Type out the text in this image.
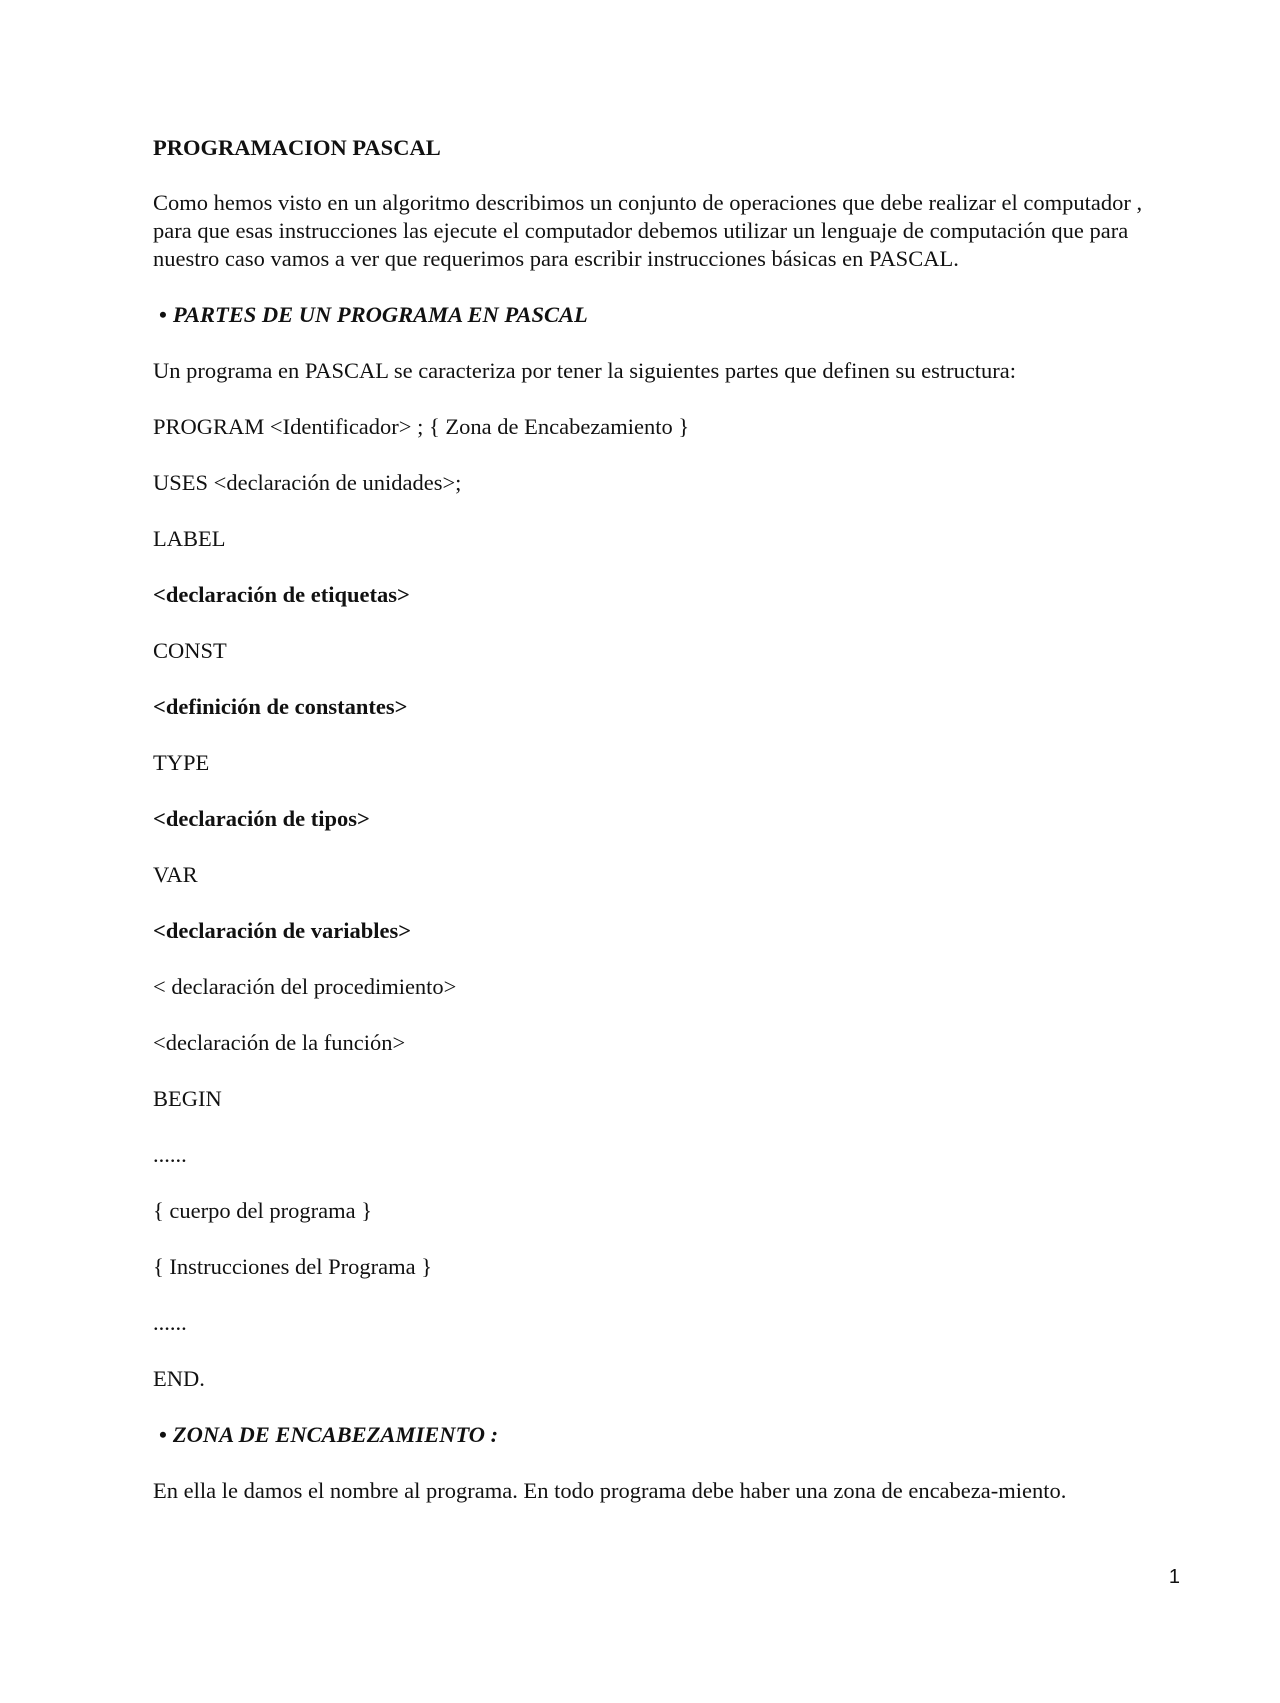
PROGRAMACION PASCAL
Como hemos visto en un algoritmo describimos un conjunto de operaciones que debe realizar el computador ,
para que esas instrucciones las ejecute el computador debemos utilizar un lenguaje de computación que para
nuestro caso vamos a ver que requerimos para escribir instrucciones básicas en PASCAL.
• PARTES DE UN PROGRAMA EN PASCAL
Un programa en PASCAL se caracteriza por tener la siguientes partes que definen su estructura:
PROGRAM <Identificador> ; { Zona de Encabezamiento }
USES <declaración de unidades>;
LABEL
<declaración de etiquetas>
CONST
<definición de constantes>
TYPE
<declaración de tipos>
VAR
<declaración de variables>
< declaración del procedimiento>
<declaración de la función>
BEGIN
......
{ cuerpo del programa }
{ Instrucciones del Programa }
......
END.
• ZONA DE ENCABEZAMIENTO :
En ella le damos el nombre al programa. En todo programa debe haber una zona de encabeza-miento.
1
